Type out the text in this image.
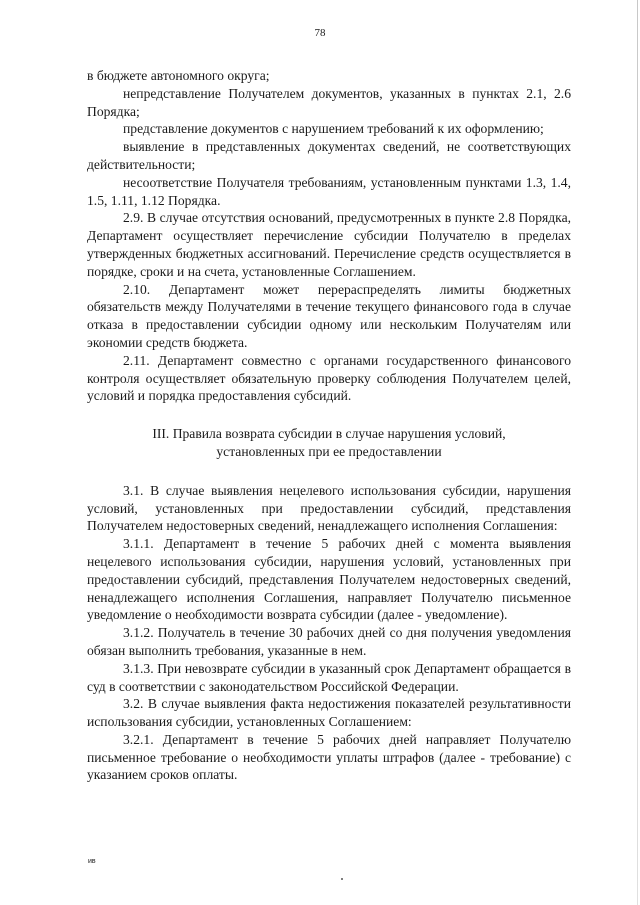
78

в бюджете автономного округа;

непредставление Получателем документов, указанных в пунктах 2.1, 2.6 Порядка;

представление документов с нарушением требований к их оформлению;

выявление в представленных документах сведений, не соответствующих действительности;

несоответствие Получателя требованиям, установленным пунктами 1.3, 1.4, 1.5, 1.11, 1.12 Порядка.

2.9. В случае отсутствия оснований, предусмотренных в пункте 2.8 Порядка, Департамент осуществляет перечисление субсидии Получателю в пределах утвержденных бюджетных ассигнований. Перечисление средств осуществляется в порядке, сроки и на счета, установленные Соглашением.

2.10. Департамент может перераспределять лимиты бюджетных обязательств между Получателями в течение текущего финансового года в случае отказа в предоставлении субсидии одному или нескольким Получателям или экономии средств бюджета.

2.11. Департамент совместно с органами государственного финансового контроля осуществляет обязательную проверку соблюдения Получателем целей, условий и порядка предоставления субсидий.

III. Правила возврата субсидии в случае нарушения условий,
установленных при ее предоставлении

3.1. В случае выявления нецелевого использования субсидии, нарушения условий, установленных при предоставлении субсидий, представления Получателем недостоверных сведений, ненадлежащего исполнения Соглашения:

3.1.1. Департамент в течение 5 рабочих дней с момента выявления нецелевого использования субсидии, нарушения условий, установленных при предоставлении субсидий, представления Получателем недостоверных сведений, ненадлежащего исполнения Соглашения, направляет Получателю письменное уведомление о необходимости возврата субсидии (далее - уведомление).

3.1.2. Получатель в течение 30 рабочих дней со дня получения уведомления обязан выполнить требования, указанные в нем.

3.1.3. При невозврате субсидии в указанный срок Департамент обращается в суд в соответствии с законодательством Российской Федерации.

3.2. В случае выявления факта недостижения показателей результативности использования субсидии, установленных Соглашением:

3.2.1. Департамент в течение 5 рабочих дней направляет Получателю письменное требование о необходимости уплаты штрафов (далее - требование) с указанием сроков оплаты.

ив
